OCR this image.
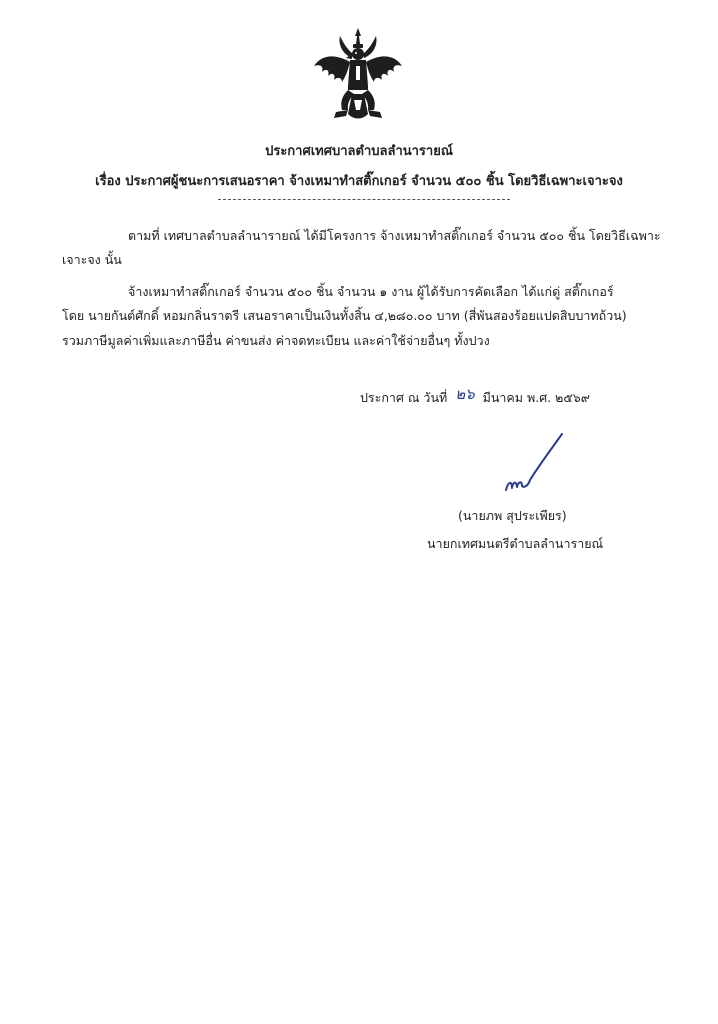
ประกาศเทศบาลตำบลลำนารายณ์
เรื่อง ประกาศผู้ชนะการเสนอราคา จ้างเหมาทำสติ๊กเกอร์ จำนวน ๕๐๐ ชิ้น โดยวิธีเฉพาะเจาะจง
ตามที่ เทศบาลตำบลลำนารายณ์ ได้มีโครงการ จ้างเหมาทำสติ๊กเกอร์ จำนวน ๕๐๐ ชิ้น โดยวิธีเฉพาะ
เจาะจง นั้น
จ้างเหมาทำสติ๊กเกอร์ จำนวน ๕๐๐ ชิ้น จำนวน ๑ งาน ผู้ได้รับการคัดเลือก ได้แก่ดู่ สติ๊กเกอร์
โดย นายกันต์ศักดิ์ หอมกลิ่นราตรี เสนอราคาเป็นเงินทั้งสิ้น ๔,๒๘๐.๐๐ บาท (สี่พันสองร้อยแปดสิบบาทถ้วน)
รวมภาษีมูลค่าเพิ่มและภาษีอื่น ค่าขนส่ง ค่าจดทะเบียน และค่าใช้จ่ายอื่นๆ ทั้งปวง
ประกาศ ณ วันที่ ๒๖ มีนาคม พ.ศ. ๒๕๖๙
(นายภพ สุประเพียร)
นายกเทศมนตรีตำบลลำนารายณ์
